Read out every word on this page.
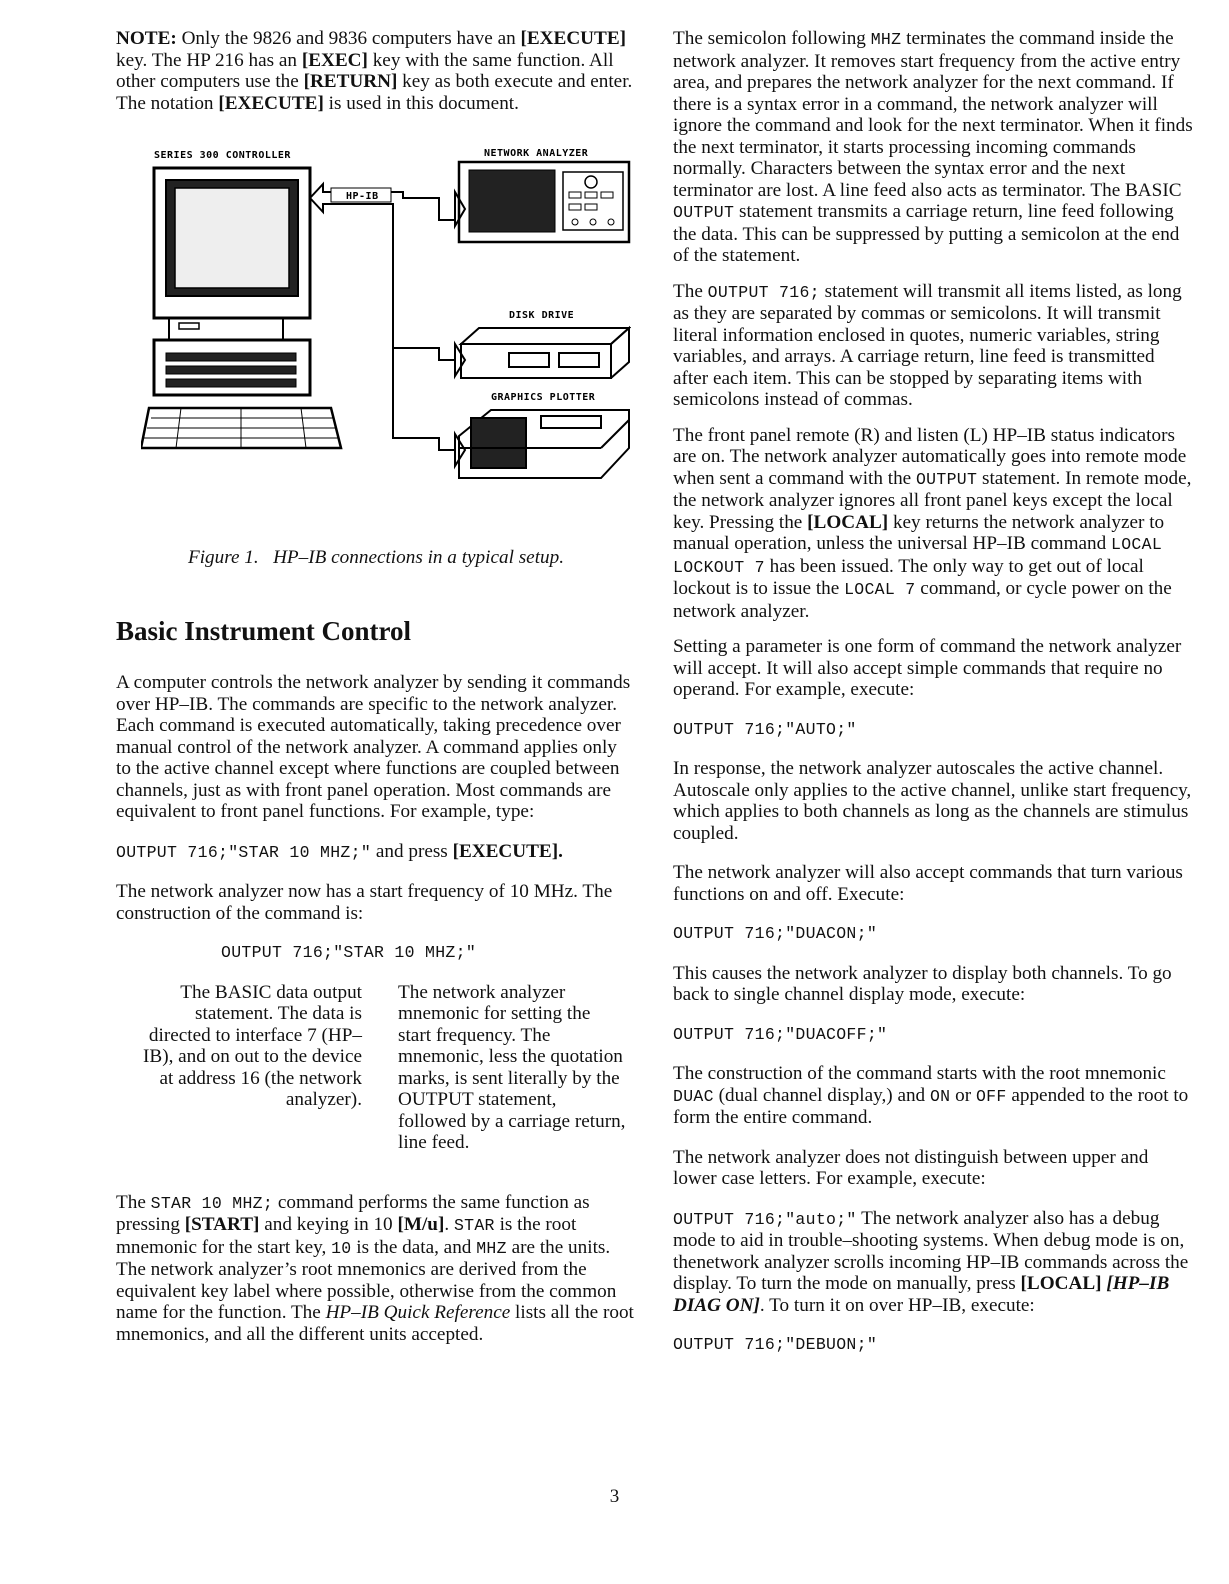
NOTE: Only the 9826 and 9836 computers have an [EXECUTE] key. The HP 216 has an [EXEC] key with the same function. All other computers use the [RETURN] key as both execute and enter. The notation [EXECUTE] is used in this document.

HP-IB
SERIES 300 CONTROLLER	NETWORK ANALYZER
DISK DRIVE
GRAPHICS PLOTTER

Figure 1. HP–IB connections in a typical setup.

Basic Instrument Control

A computer controls the network analyzer by sending it commands over HP–IB. The commands are specific to the network analyzer. Each command is executed automatically, taking precedence over manual control of the network analyzer. A command applies only to the active channel except where functions are coupled between channels, just as with front panel operation. Most commands are equivalent to front panel functions. For example, type:

OUTPUT 716;"STAR 10 MHZ;" and press [EXECUTE].

The network analyzer now has a start frequency of 10 MHz. The construction of the command is:

OUTPUT 716;"STAR 10 MHZ;"
The BASIC data output statement. The data is directed to interface 7 (HP–IB), and on out to the device at address 16 (the network analyzer).
The network analyzer mnemonic for setting the start frequency. The mnemonic, less the quotation marks, is sent literally by the OUTPUT statement, followed by a carriage return, line feed.

The STAR 10 MHZ; command performs the same function as pressing [START] and keying in 10 [M/u]. STAR is the root mnemonic for the start key, 10 is the data, and MHZ are the units. The network analyzer’s root mnemonics are derived from the equivalent key label where possible, otherwise from the common name for the function. The HP–IB Quick Reference lists all the root mnemonics, and all the different units accepted.

The semicolon following MHZ terminates the command inside the network analyzer. It removes start frequency from the active entry area, and prepares the network analyzer for the next command. If there is a syntax error in a command, the network analyzer will ignore the command and look for the next terminator. When it finds the next terminator, it starts processing incoming commands normally. Characters between the syntax error and the next terminator are lost. A line feed also acts as terminator. The BASIC OUTPUT statement transmits a carriage return, line feed following the data. This can be suppressed by putting a semicolon at the end of the statement.

The OUTPUT 716; statement will transmit all items listed, as long as they are separated by commas or semicolons. It will transmit literal information enclosed in quotes, numeric variables, string variables, and arrays. A carriage return, line feed is transmitted after each item. This can be stopped by separating items with semicolons instead of commas.

The front panel remote (R) and listen (L) HP–IB status indicators are on. The network analyzer automatically goes into remote mode when sent a command with the OUTPUT statement. In remote mode, the network analyzer ignores all front panel keys except the local key. Pressing the [LOCAL] key returns the network analyzer to manual operation, unless the universal HP–IB command LOCAL LOCKOUT 7 has been issued. The only way to get out of local lockout is to issue the LOCAL 7 command, or cycle power on the network analyzer.

Setting a parameter is one form of command the network analyzer will accept. It will also accept simple commands that require no operand. For example, execute:

OUTPUT 716;"AUTO;"

In response, the network analyzer autoscales the active channel. Autoscale only applies to the active channel, unlike start frequency, which applies to both channels as long as the channels are stimulus coupled.

The network analyzer will also accept commands that turn various functions on and off. Execute:

OUTPUT 716;"DUACON;"

This causes the network analyzer to display both channels. To go back to single channel display mode, execute:

OUTPUT 716;"DUACOFF;"

The construction of the command starts with the root mnemonic DUAC (dual channel display,) and ON or OFF appended to the root to form the entire command.

The network analyzer does not distinguish between upper and lower case letters. For example, execute:

OUTPUT 716;"auto;" The network analyzer also has a debug mode to aid in trouble–shooting systems. When debug mode is on, thenetwork analyzer scrolls incoming HP–IB commands across the display. To turn the mode on manually, press [LOCAL] [HP–IB DIAG ON]. To turn it on over HP–IB, execute:

OUTPUT 716;"DEBUON;"
3
